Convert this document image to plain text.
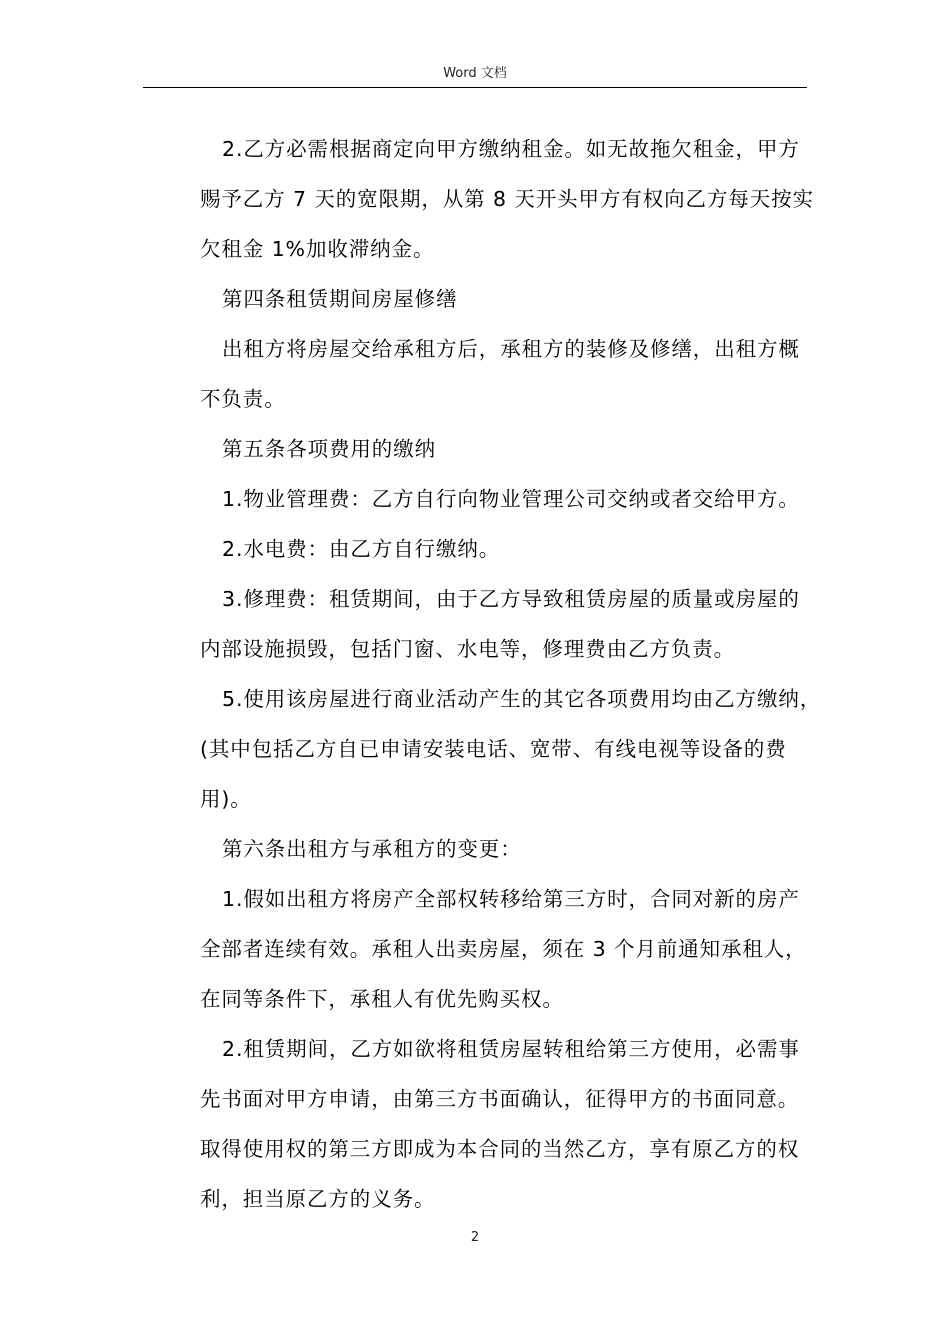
Word 文档

2.乙方必需根据商定向甲方缴纳租金。如无故拖欠租金，甲方
赐予乙方 7 天的宽限期，从第 8 天开头甲方有权向乙方每天按实
欠租金 1%加收滞纳金。

第四条租赁期间房屋修缮

出租方将房屋交给承租方后，承租方的装修及修缮，出租方概
不负责。

第五条各项费用的缴纳

1.物业管理费：乙方自行向物业管理公司交纳或者交给甲方。

2.水电费：由乙方自行缴纳。

3.修理费：租赁期间，由于乙方导致租赁房屋的质量或房屋的
内部设施损毁，包括门窗、水电等，修理费由乙方负责。

5.使用该房屋进行商业活动产生的其它各项费用均由乙方缴纳，
(其中包括乙方自已申请安装电话、宽带、有线电视等设备的费
用)。

第六条出租方与承租方的变更：

1.假如出租方将房产全部权转移给第三方时，合同对新的房产
全部者连续有效。承租人出卖房屋，须在 3 个月前通知承租人，
在同等条件下，承租人有优先购买权。

2.租赁期间，乙方如欲将租赁房屋转租给第三方使用，必需事
先书面对甲方申请，由第三方书面确认，征得甲方的书面同意。
取得使用权的第三方即成为本合同的当然乙方，享有原乙方的权
利，担当原乙方的义务。

2
